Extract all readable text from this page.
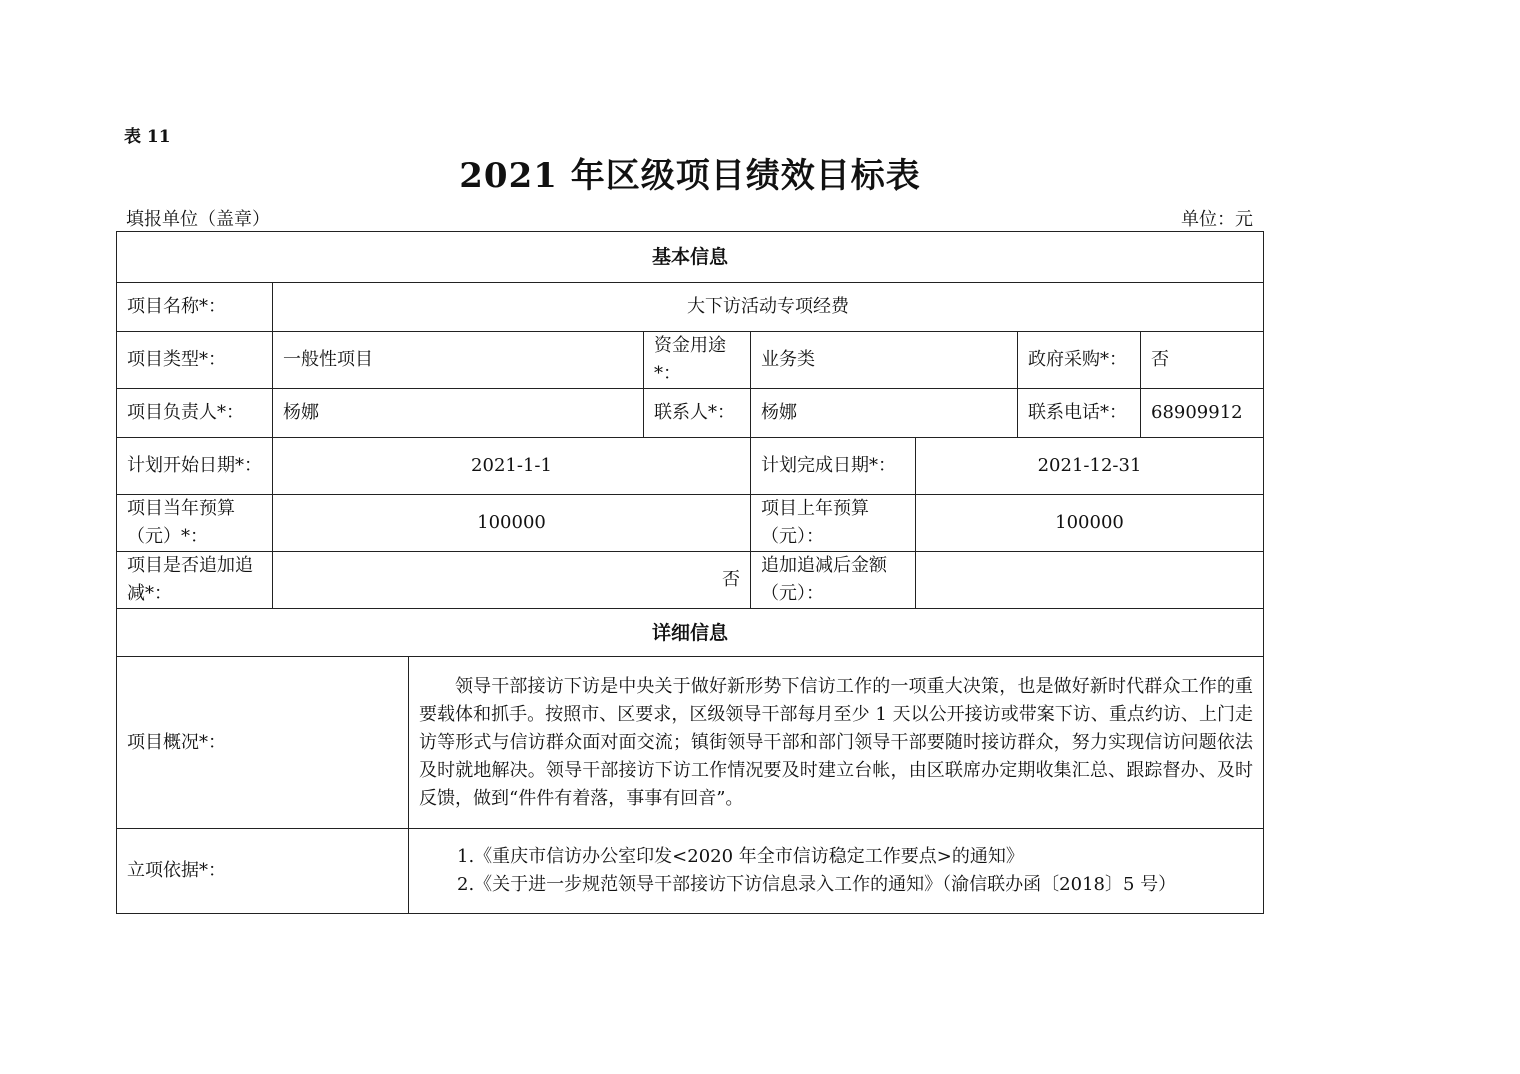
表 11
2021 年区级项目绩效目标表
填报单位（盖章）	单位：元
基本信息							
项目名称*：	大下访活动专项经费						
项目类型*：	一般性项目		资金用途*：	业务类		政府采购*：	否
项目负责人*：	杨娜		联系人*：	杨娜		联系电话*：	68909912
计划开始日期*：	2021-1-1			计划完成日期*：	2021-12-31		
项目当年预算（元）*：	100000			项目上年预算（元）：	100000		
项目是否追加追减*：	否			追加追减后金额（元）：			
详细信息							
项目概况*：		领导干部接访下访是中央关于做好新形势下信访工作的一项重大决策，也是做好新时代群众工作的重要载体和抓手。按照市、区要求，区级领导干部每月至少 1 天以公开接访或带案下访、重点约访、上门走访等形式与信访群众面对面交流；镇街领导干部和部门领导干部要随时接访群众，努力实现信访问题依法及时就地解决。领导干部接访下访工作情况要及时建立台帐，由区联席办定期收集汇总、跟踪督办、及时反馈，做到“件件有着落，事事有回音”。					
立项依据*：		1.《重庆市信访办公室印发<2020 年全市信访稳定工作要点>的通知》
2.《关于进一步规范领导干部接访下访信息录入工作的通知》（渝信联办函〔2018〕5 号）					
